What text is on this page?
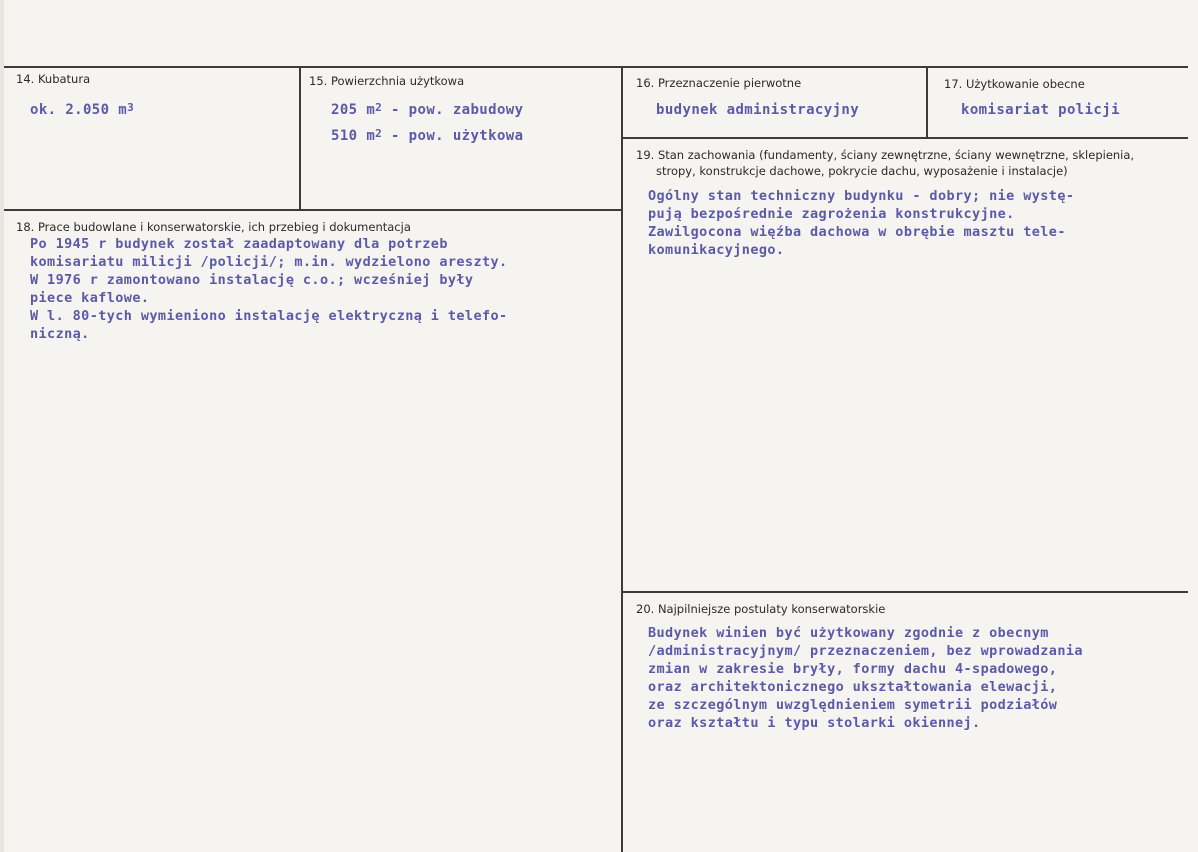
14. Kubatura
ok. 2.050 $m^3$
15. Powierzchnia użytkowa
205 $m^2$ - pow. zabudowy
510 $m^2$ - pow. użytkowa
16. Przeznaczenie pierwotne
budynek administracyjny
17. Użytkowanie obecne
komisariat policji
18. Prace budowlane i konserwatorskie, ich przebieg i dokumentacja
Po 1945 r budynek został zaadaptowany dla potrzeb
komisariatu milicji /policji/; m.in. wydzielono areszty.
W 1976 r zamontowano instalację c.o.; wcześniej były
piece kaflowe.
W l. 80-tych wymieniono instalację elektryczną i telefo-
niczną.
19. Stan zachowania (fundamenty, ściany zewnętrzne, ściany wewnętrzne, sklepienia,
stropy, konstrukcje dachowe, pokrycie dachu, wyposażenie i instalacje)
Ogólny stan techniczny budynku - dobry; nie wystę-
pują bezpośrednie zagrożenia konstrukcyjne.
Zawilgocona więźba dachowa w obrębie masztu tele-
komunikacyjnego.
20. Najpilniejsze postulaty konserwatorskie
Budynek winien być użytkowany zgodnie z obecnym
/administracyjnym/ przeznaczeniem, bez wprowadzania
zmian w zakresie bryły, formy dachu 4-spadowego,
oraz architektonicznego ukształtowania elewacji,
ze szczególnym uwzględnieniem symetrii podziałów
oraz kształtu i typu stolarki okiennej.
